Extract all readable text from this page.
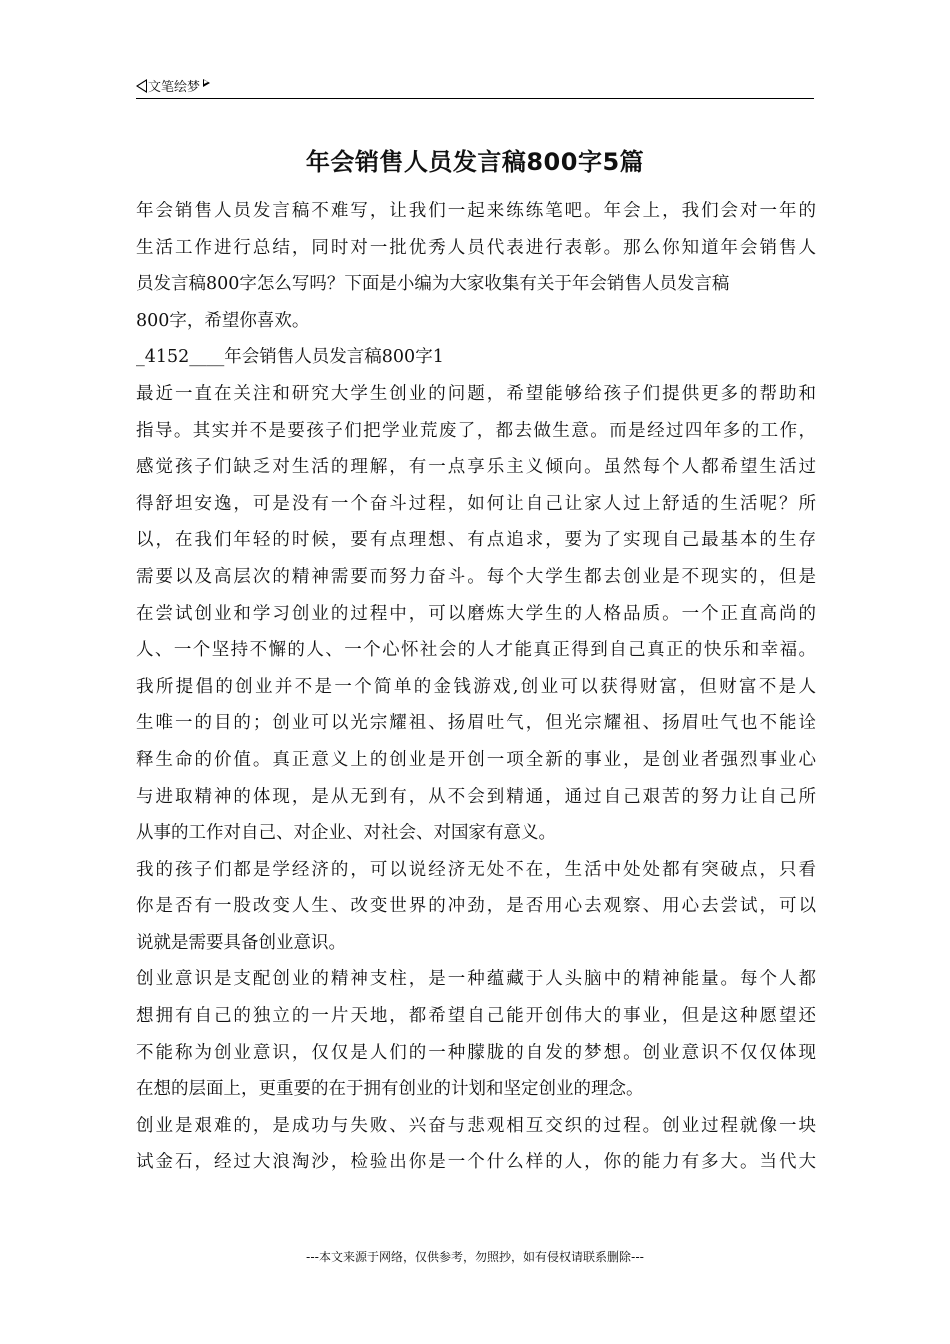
文笔绘梦
年会销售人员发言稿800字5篇
年会销售人员发言稿不难写，让我们一起来练练笔吧。年会上，我们会对一年的
生活工作进行总结，同时对一批优秀人员代表进行表彰。那么你知道年会销售人
员发言稿800字怎么写吗？下面是小编为大家收集有关于年会销售人员发言稿
800字，希望你喜欢。
_4152____年会销售人员发言稿800字1
最近一直在关注和研究大学生创业的问题，希望能够给孩子们提供更多的帮助和
指导。其实并不是要孩子们把学业荒废了，都去做生意。而是经过四年多的工作，
感觉孩子们缺乏对生活的理解，有一点享乐主义倾向。虽然每个人都希望生活过
得舒坦安逸，可是没有一个奋斗过程，如何让自己让家人过上舒适的生活呢？所
以，在我们年轻的时候，要有点理想、有点追求，要为了实现自己最基本的生存
需要以及高层次的精神需要而努力奋斗。每个大学生都去创业是不现实的，但是
在尝试创业和学习创业的过程中，可以磨炼大学生的人格品质。一个正直高尚的
人、一个坚持不懈的人、一个心怀社会的人才能真正得到自己真正的快乐和幸福。
我所提倡的创业并不是一个简单的金钱游戏,创业可以获得财富，但财富不是人
生唯一的目的；创业可以光宗耀祖、扬眉吐气，但光宗耀祖、扬眉吐气也不能诠
释生命的价值。真正意义上的创业是开创一项全新的事业，是创业者强烈事业心
与进取精神的体现，是从无到有，从不会到精通，通过自己艰苦的努力让自己所
从事的工作对自己、对企业、对社会、对国家有意义。
我的孩子们都是学经济的，可以说经济无处不在，生活中处处都有突破点，只看
你是否有一股改变人生、改变世界的冲劲，是否用心去观察、用心去尝试，可以
说就是需要具备创业意识。
创业意识是支配创业的精神支柱，是一种蕴藏于人头脑中的精神能量。每个人都
想拥有自己的独立的一片天地，都希望自己能开创伟大的事业，但是这种愿望还
不能称为创业意识，仅仅是人们的一种朦胧的自发的梦想。创业意识不仅仅体现
在想的层面上，更重要的在于拥有创业的计划和坚定创业的理念。
创业是艰难的，是成功与失败、兴奋与悲观相互交织的过程。创业过程就像一块
试金石，经过大浪淘沙，检验出你是一个什么样的人，你的能力有多大。当代大
---本文来源于网络，仅供参考，勿照抄，如有侵权请联系删除---
